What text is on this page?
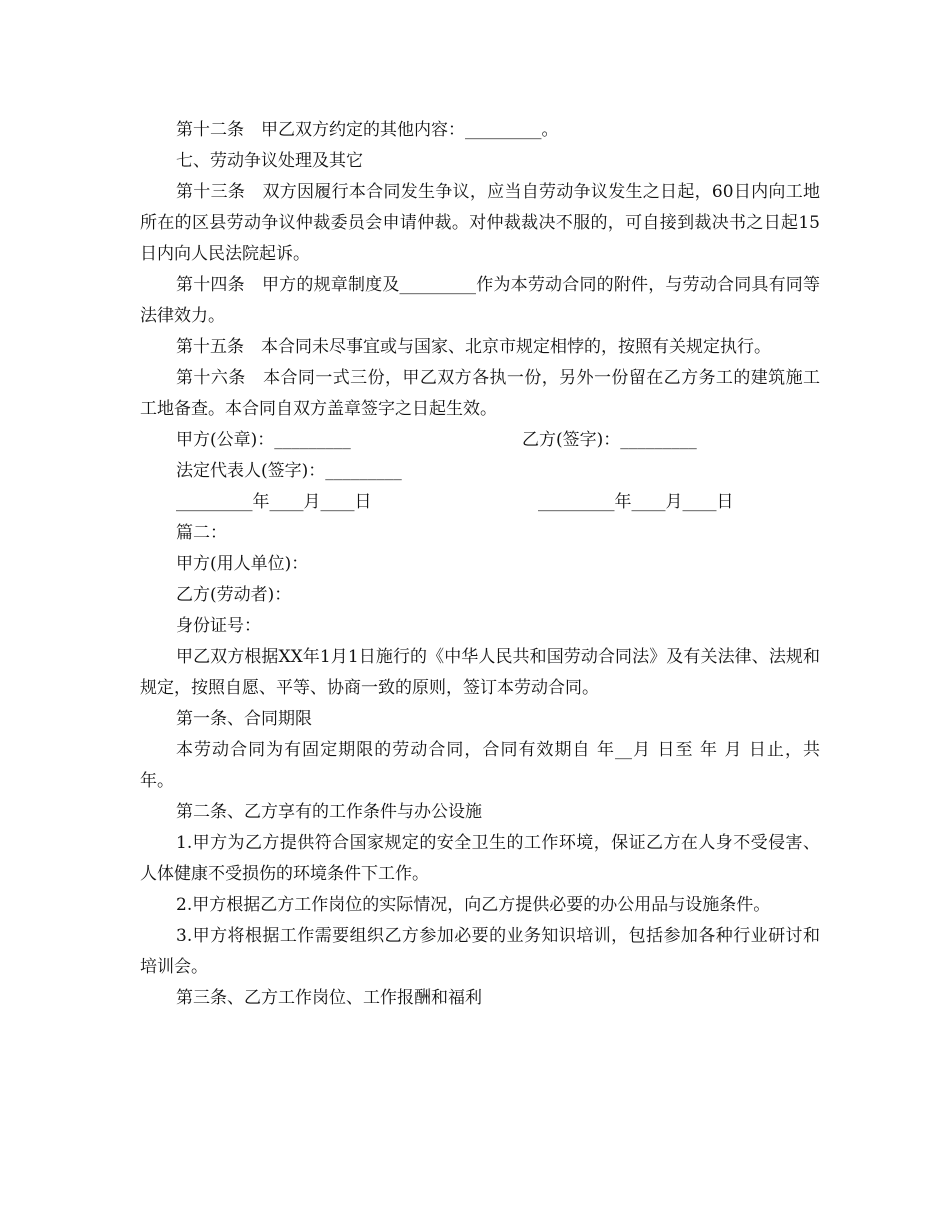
第十二条　甲乙双方约定的其他内容：_________。

七、劳动争议处理及其它

第十三条　双方因履行本合同发生争议，应当自劳动争议发生之日起，60日内向工地所在的区县劳动争议仲裁委员会申请仲裁。对仲裁裁决不服的，可自接到裁决书之日起15日内向人民法院起诉。

第十四条　甲方的规章制度及_________作为本劳动合同的附件，与劳动合同具有同等法律效力。

第十五条　本合同未尽事宜或与国家、北京市规定相悖的，按照有关规定执行。

第十六条　本合同一式三份，甲乙双方各执一份，另外一份留在乙方务工的建筑施工工地备查。本合同自双方盖章签字之日起生效。

甲方(公章)：_________

	乙方(签字)：_________

法定代表人(签字)：_________

_________年____月____日

	_________年____月____日

篇二：

甲方(用人单位)：

乙方(劳动者)：

身份证号：

甲乙双方根据XX年1月1日施行的《中华人民共和国劳动合同法》及有关法律、法规和规定，按照自愿、平等、协商一致的原则，签订本劳动合同。

第一条、合同期限

本劳动合同为有固定期限的劳动合同，合同有效期自 年__月 日至 年 月 日止，共 年。

第二条、乙方享有的工作条件与办公设施

1.甲方为乙方提供符合国家规定的安全卫生的工作环境，保证乙方在人身不受侵害、人体健康不受损伤的环境条件下工作。

2.甲方根据乙方工作岗位的实际情况，向乙方提供必要的办公用品与设施条件。

3.甲方将根据工作需要组织乙方参加必要的业务知识培训，包括参加各种行业研讨和培训会。

第三条、乙方工作岗位、工作报酬和福利
